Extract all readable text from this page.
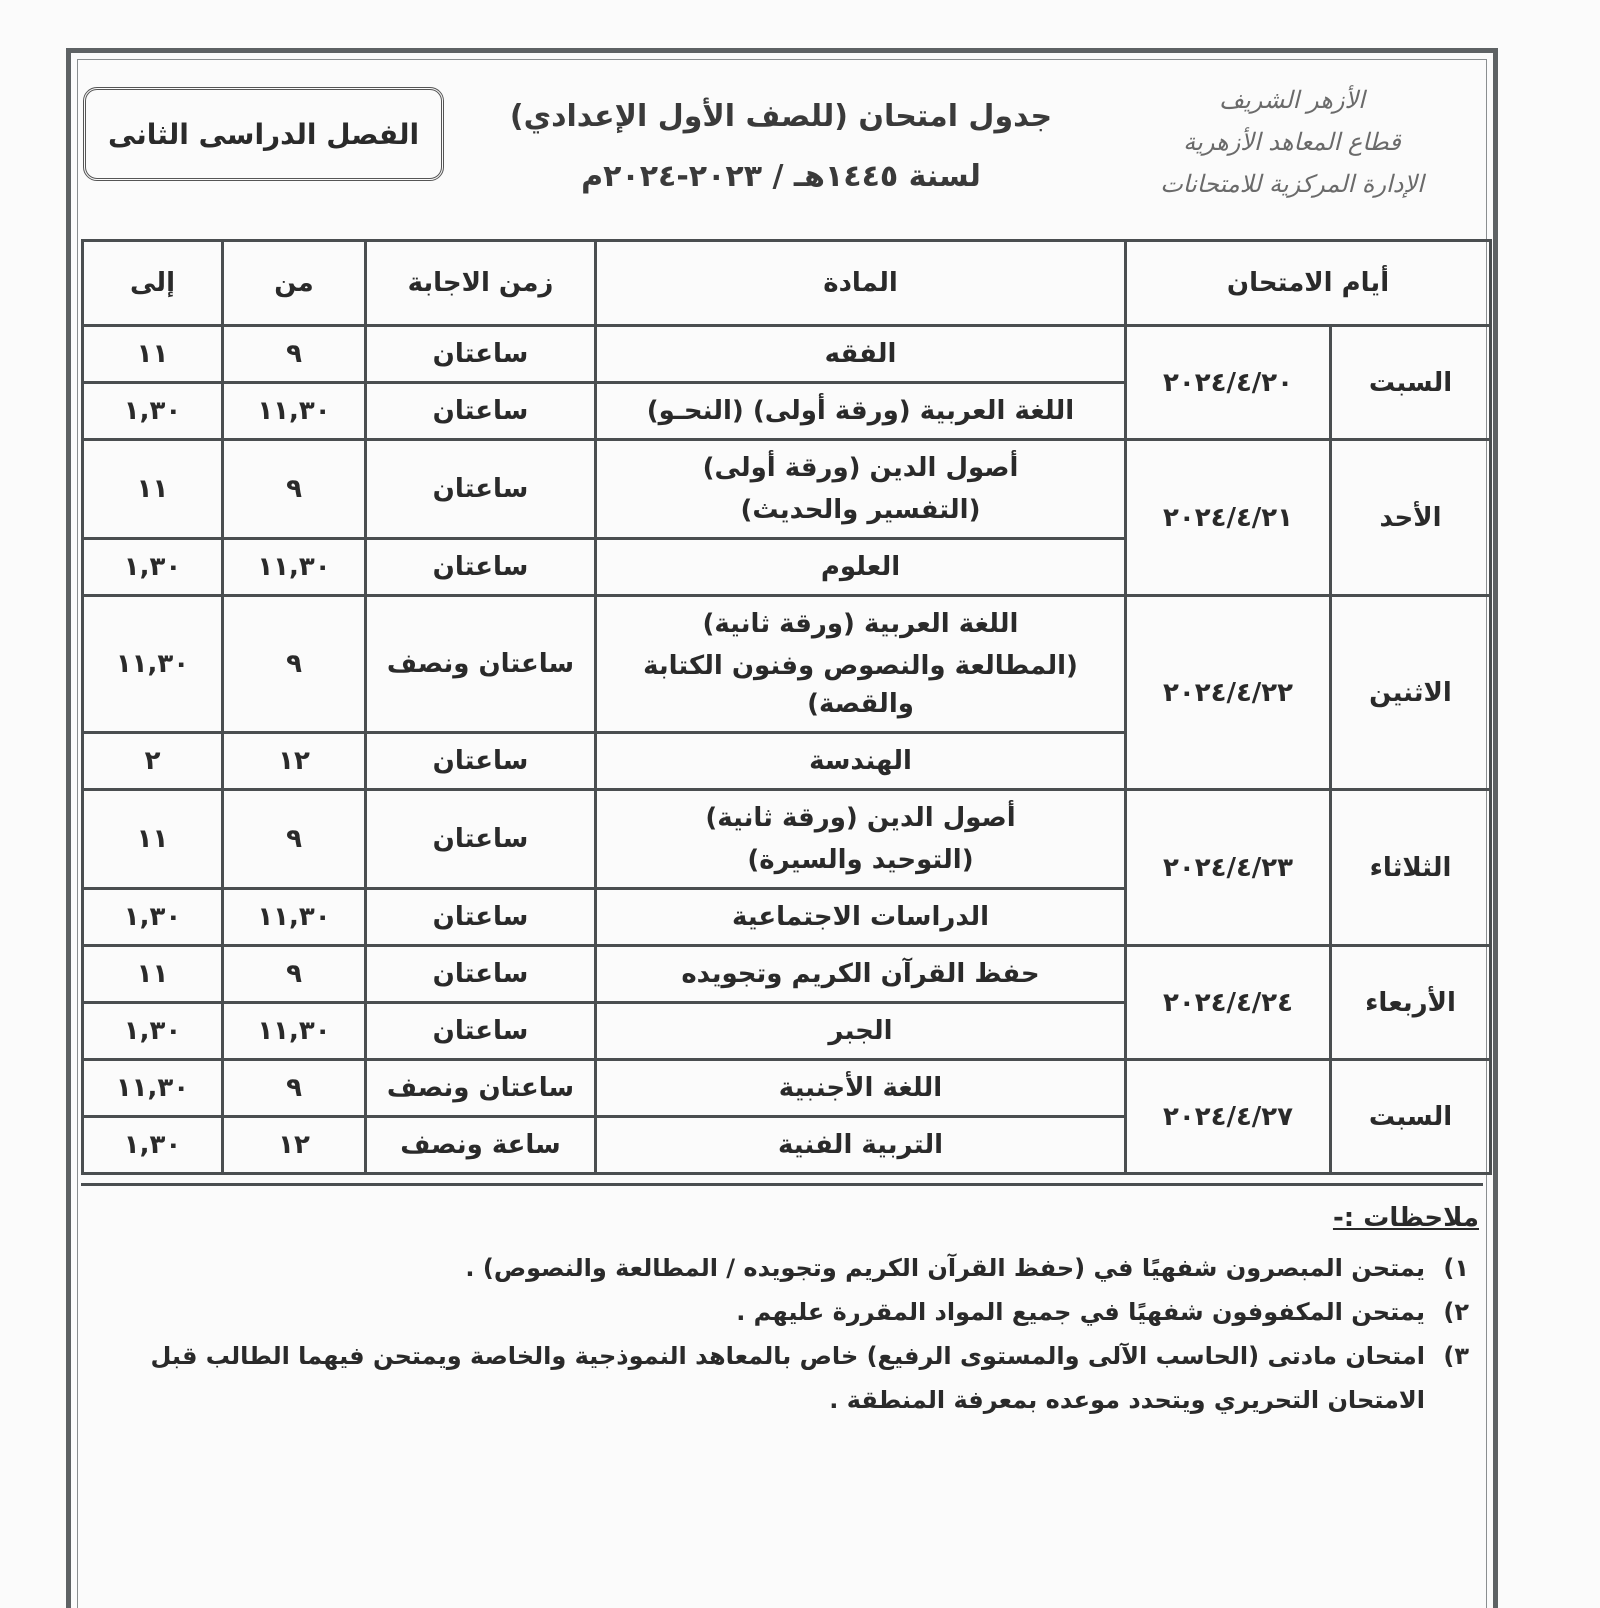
الأزهر الشريف
قطاع المعاهد الأزهرية
الإدارة المركزية للامتحانات
جدول امتحان (للصف الأول الإعدادي)
لسنة ١٤٤٥هـ / ٢٠٢٣-٢٠٢٤م
الفصل الدراسى الثانى
أيام الامتحان		المادة	زمن الاجابة	من	إلى
السبت	٢٠٢٤/٤/٢٠	الفقه	ساعتان	٩	١١

		اللغة العربية (ورقة أولى) (النحـو)	ساعتان	١١,٣٠	١,٣٠
الأحد	٢٠٢٤/٤/٢١	أصول الدين (ورقة أولى)
(التفسير والحديث)	ساعتان	٩	١١

		العلوم	ساعتان	١١,٣٠	١,٣٠
الاثنين	٢٠٢٤/٤/٢٢	اللغة العربية (ورقة ثانية)
(المطالعة والنصوص وفنون الكتابة والقصة)	ساعتان ونصف	٩	١١,٣٠

		الهندسة	ساعتان	١٢	٢
الثلاثاء	٢٠٢٤/٤/٢٣	أصول الدين (ورقة ثانية)
(التوحيد والسيرة)	ساعتان	٩	١١

		الدراسات الاجتماعية	ساعتان	١١,٣٠	١,٣٠
الأربعاء	٢٠٢٤/٤/٢٤	حفظ القرآن الكريم وتجويده	ساعتان	٩	١١

		الجبر	ساعتان	١١,٣٠	١,٣٠
السبت	٢٠٢٤/٤/٢٧	اللغة الأجنبية	ساعتان ونصف	٩	١١,٣٠

		التربية الفنية	ساعة ونصف	١٢	١,٣٠
ملاحظات :-
١)
يمتحن المبصرون شفهيًا في (حفظ القرآن الكريم وتجويده / المطالعة والنصوص) .
٢)
يمتحن المكفوفون شفهيًا في جميع المواد المقررة عليهم .
٣)
امتحان مادتى (الحاسب الآلى والمستوى الرفيع) خاص بالمعاهد النموذجية والخاصة ويمتحن فيهما الطالب قبل الامتحان التحريري ويتحدد موعده بمعرفة المنطقة .
